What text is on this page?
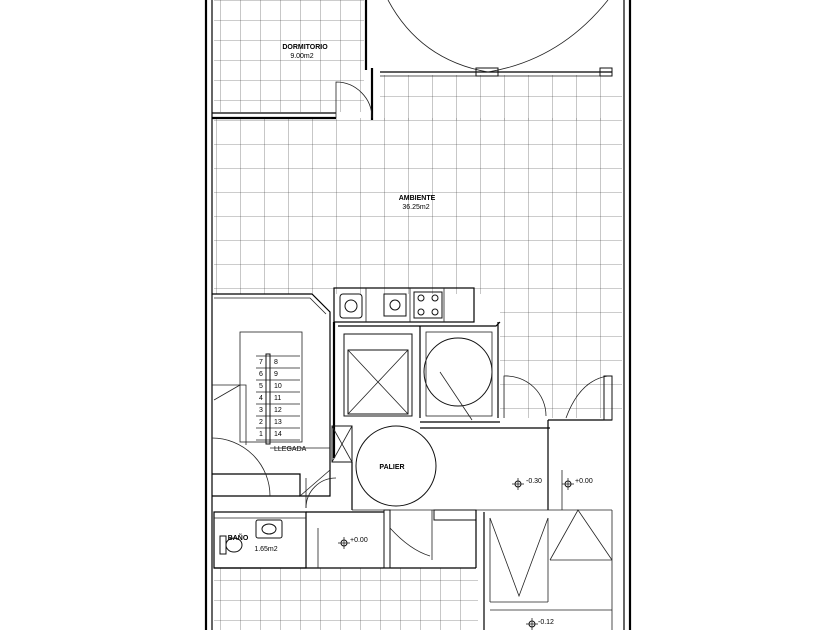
7
6
5
4
3
2
1
8
9
10
11
12
13
14
LLEGADA
-0.30	+0.00
+0.00
-0.12
DORMITORIO
9.00m2
AMBIENTE
36.25m2
PALIER
BAÑO
1.65m2
